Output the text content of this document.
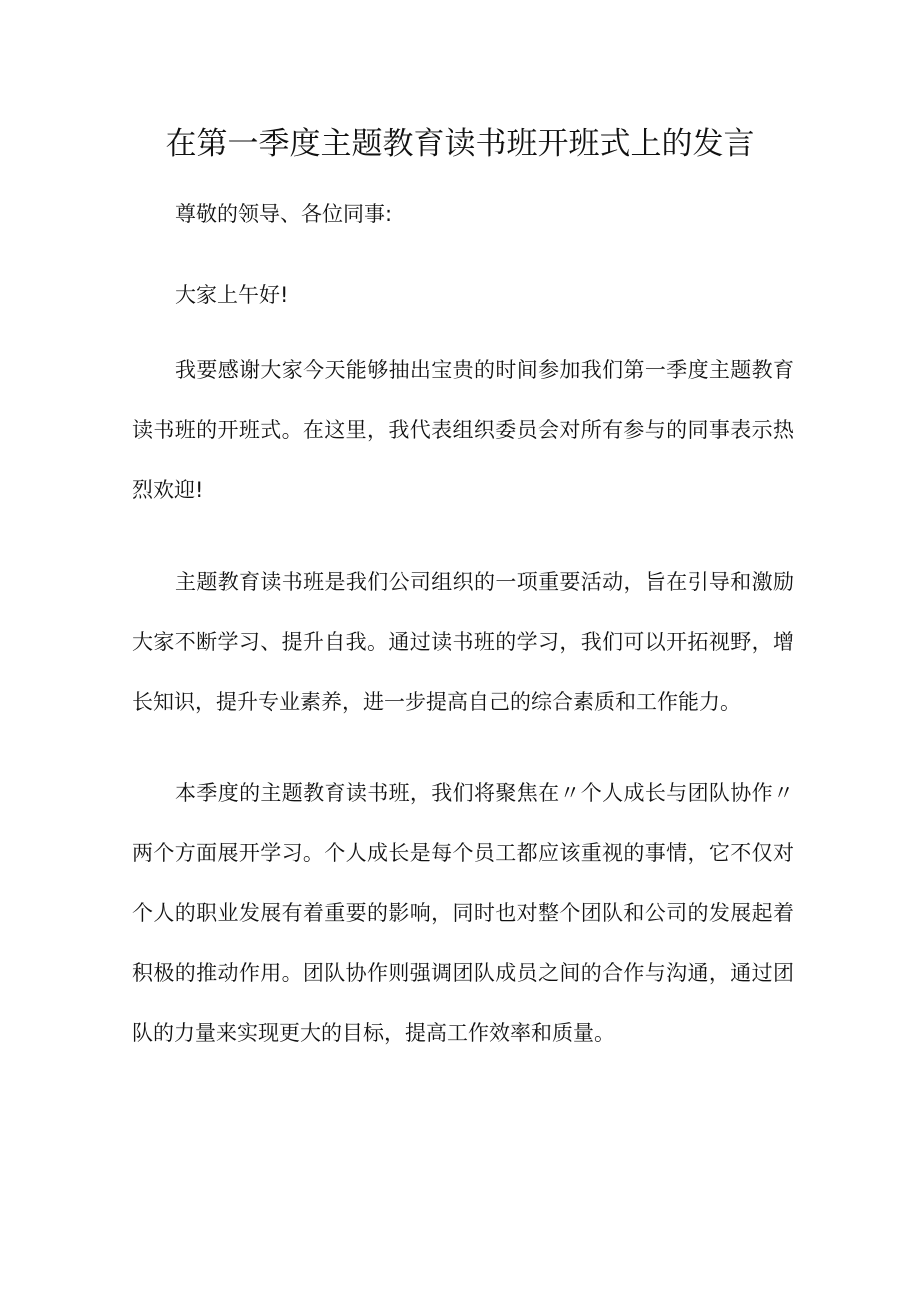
在第一季度主题教育读书班开班式上的发言

尊敬的领导、各位同事:

大家上午好!

我要感谢大家今天能够抽出宝贵的时间参加我们第一季度主题教育读书班的开班式。在这里，我代表组织委员会对所有参与的同事表示热烈欢迎!

主题教育读书班是我们公司组织的一项重要活动，旨在引导和激励大家不断学习、提升自我。通过读书班的学习，我们可以开拓视野，增长知识，提升专业素养，进一步提高自己的综合素质和工作能力。

本季度的主题教育读书班，我们将聚焦在〃个人成长与团队协作〃两个方面展开学习。个人成长是每个员工都应该重视的事情，它不仅对个人的职业发展有着重要的影响，同时也对整个团队和公司的发展起着积极的推动作用。团队协作则强调团队成员之间的合作与沟通，通过团队的力量来实现更大的目标，提高工作效率和质量。
